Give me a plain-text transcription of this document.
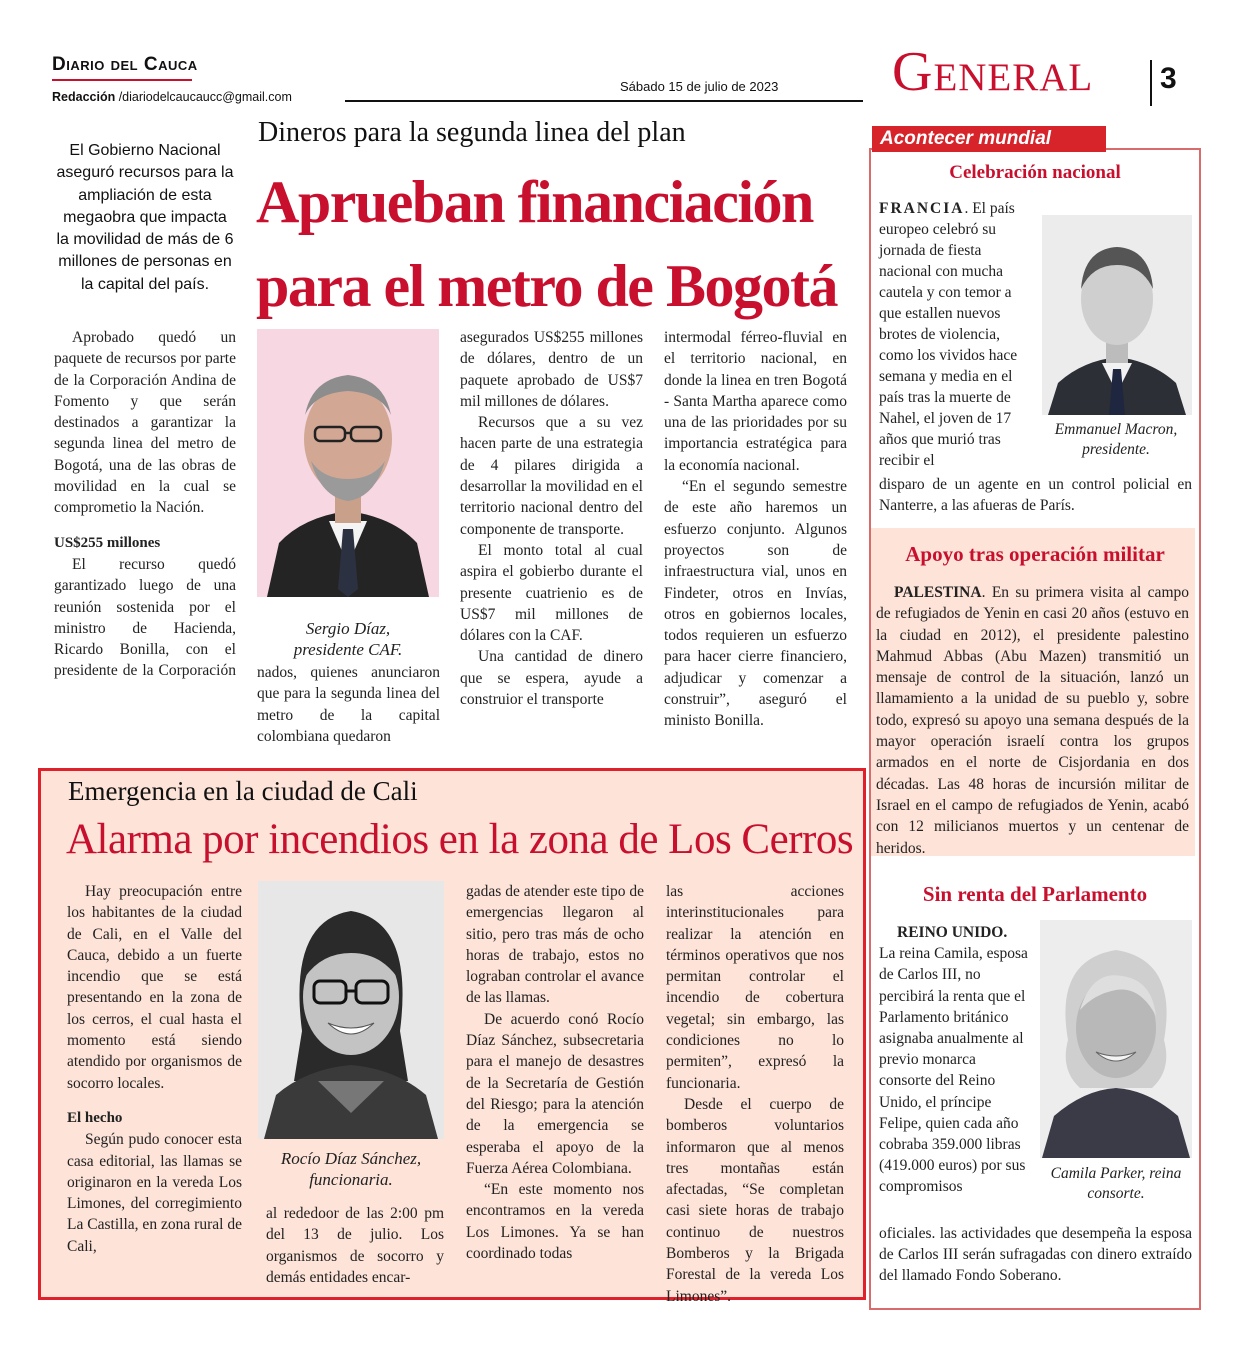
Diario del Cauca
Redacción /diariodelcaucaucc@gmail.com
Sábado 15 de julio de 2023 General 3
Dineros para la segunda linea del plan
Aprueban financiación
para el metro de Bogotá
El Gobierno Nacional aseguró recursos para la ampliación de esta megaobra que impacta la movilidad de más de 6 millones de personas en la capital del país.

Aprobado quedó un paquete de recursos por parte de la Corporación Andina de Fomento y que serán destinados a garantizar la segunda linea del metro de Bogotá, una de las obras de movilidad en la cual se comprometio la Nación.

US$255 millones

El recurso quedó garantizado luego de una reunión sostenida por el ministro de Hacienda, Ricardo Bonilla, con el presidente de la Corporación

Sergio Díaz,
presidente CAF.

nados, quienes anunciaron que para la segunda linea del metro de la capital colombiana quedaron

asegurados US$255 millones de dólares, dentro de un paquete aprobado de US$7 mil millones de dólares.

Recursos que a su vez hacen parte de una estrategia de 4 pilares dirigida a desarrollar la movilidad en el territorio nacional dentro del componente de transporte.

El monto total al cual aspira el gobierbo durante el presente cuatrienio es de US$7 mil millones de dólares con la CAF.

Una cantidad de dinero que se espera, ayude a construior el transporte

intermodal férreo-fluvial en el territorio nacional, en donde la linea en tren Bogotá - Santa Martha aparece como una de las prioridades por su importancia estratégica para la economía nacional.

“En el segundo semestre de este año haremos un esfuerzo conjunto. Algunos proyectos son de infraestructura vial, unos en Findeter, otros en Invías, otros en gobiernos locales, todos requieren un esfuerzo para hacer cierre financiero, adjudicar y comenzar a construir”, aseguró el ministo Bonilla.

Emergencia en la ciudad de Cali
Alarma por incendios en la zona de Los Cerros

Hay preocupación entre los habitantes de la ciudad de Cali, en el Valle del Cauca, debido a un fuerte incendio que se está presentando en la zona de los cerros, el cual hasta el momento está siendo atendido por organismos de socorro locales.

El hecho

Según pudo conocer esta casa editorial, las llamas se originaron en la vereda Los Limones, del corregimiento La Castilla, en zona rural de Cali,

Rocío Díaz Sánchez,
funcionaria.

al rededoor de las 2:00 pm del 13 de julio. Los organismos de socorro y demás entidades encar-

gadas de atender este tipo de emergencias llegaron al sitio, pero tras más de ocho horas de trabajo, estos no lograban controlar el avance de las llamas.

De acuerdo conó Rocío Díaz Sánchez, subsecretaria para el manejo de desastres de la Secretaría de Gestión del Riesgo; para la atención de la emergencia se esperaba el apoyo de la Fuerza Aérea Colombiana.

“En este momento nos encontramos en la vereda Los Limones. Ya se han coordinado todas

las acciones interinstitucionales para realizar la atención en términos operativos que nos permitan controlar el incendio de cobertura vegetal; sin embargo, las condiciones no lo permiten”, expresó la funcionaria.

Desde el cuerpo de bomberos voluntarios informaron que al menos tres montañas están afectadas, “Se completan casi siete horas de trabajo continuo de nuestros Bomberos y la Brigada Forestal de la vereda Los Limones”.

Acontecer mundial
Celebración nacional
Emmanuel Macron,
presidente.

FRANCIA. El país europeo celebró su jornada de fiesta nacional con mucha cautela y con temor a que estallen nuevos brotes de violencia, como los vividos hace semana y media en el país tras la muerte de Nahel, el joven de 17 años que murió tras recibir el

disparo de un agente en un control policial en Nanterre, a las afueras de París.

Apoyo tras operación militar

PALESTINA. En su primera visita al campo de refugiados de Yenin en casi 20 años (estuvo en la ciudad en 2012), el presidente palestino Mahmud Abbas (Abu Mazen) transmitió un mensaje de control de la situación, lanzó un llamamiento a la unidad de su pueblo y, sobre todo, expresó su apoyo una semana después de la mayor operación israelí contra los grupos armados en el norte de Cisjordania en dos décadas. Las 48 horas de incursión militar de Israel en el campo de refugiados de Yenin, acabó con 12 milicianos muertos y un centenar de heridos.

Sin renta del Parlamento
Camila Parker, reina
consorte.

REINO UNIDO.

La reina Camila, esposa de Carlos III, no percibirá la renta que el Parlamento británico asignaba anualmente al previo monarca consorte del Reino Unido, el príncipe Felipe, quien cada año cobraba 359.000 libras (419.000 euros) por sus compromisos

oficiales. las actividades que desempeña la esposa de Carlos III serán sufragadas con dinero extraído del llamado Fondo Soberano.
